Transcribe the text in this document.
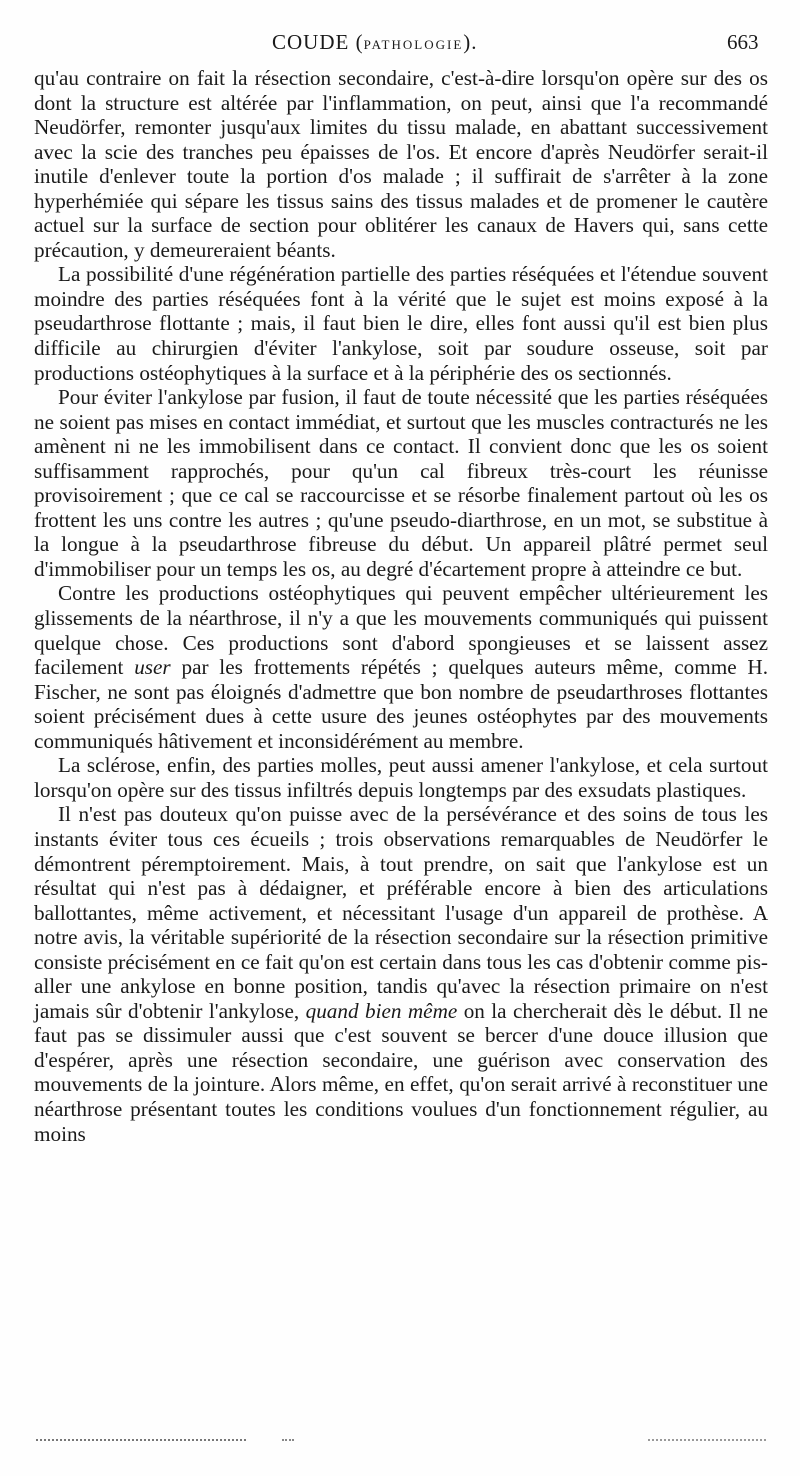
COUDE (PATHOLOGIE).	663

qu'au contraire on fait la résection secondaire, c'est-à-dire lorsqu'on opère sur des os dont la structure est altérée par l'inflammation, on peut, ainsi que l'a recommandé Neudörfer, remonter jusqu'aux limites du tissu malade, en abattant successivement avec la scie des tranches peu épaisses de l'os. Et encore d'après Neudörfer serait-il inutile d'enlever toute la portion d'os malade ; il suffirait de s'arrêter à la zone hyperhémiée qui sépare les tissus sains des tissus malades et de promener le cautère actuel sur la surface de section pour oblitérer les canaux de Havers qui, sans cette précaution, y demeureraient béants.

La possibilité d'une régénération partielle des parties réséquées et l'étendue souvent moindre des parties réséquées font à la vérité que le sujet est moins exposé à la pseudarthrose flottante ; mais, il faut bien le dire, elles font aussi qu'il est bien plus difficile au chirurgien d'éviter l'ankylose, soit par soudure osseuse, soit par productions ostéophytiques à la surface et à la périphérie des os sectionnés.

Pour éviter l'ankylose par fusion, il faut de toute nécessité que les parties réséquées ne soient pas mises en contact immédiat, et surtout que les muscles contracturés ne les amènent ni ne les immobilisent dans ce contact. Il convient donc que les os soient suffisamment rapprochés, pour qu'un cal fibreux très-court les réunisse provisoirement ; que ce cal se raccourcisse et se résorbe finalement partout où les os frottent les uns contre les autres ; qu'une pseudo-diarthrose, en un mot, se substitue à la longue à la pseudarthrose fibreuse du début. Un appareil plâtré permet seul d'immobiliser pour un temps les os, au degré d'écartement propre à atteindre ce but.

Contre les productions ostéophytiques qui peuvent empêcher ultérieurement les glissements de la néarthrose, il n'y a que les mouvements communiqués qui puissent quelque chose. Ces productions sont d'abord spongieuses et se laissent assez facilement user par les frottements répétés ; quelques auteurs même, comme H. Fischer, ne sont pas éloignés d'admettre que bon nombre de pseudarthroses flottantes soient précisément dues à cette usure des jeunes ostéophytes par des mouvements communiqués hâtivement et inconsidérément au membre.

La sclérose, enfin, des parties molles, peut aussi amener l'ankylose, et cela surtout lorsqu'on opère sur des tissus infiltrés depuis longtemps par des exsudats plastiques.

Il n'est pas douteux qu'on puisse avec de la persévérance et des soins de tous les instants éviter tous ces écueils ; trois observations remarquables de Neudörfer le démontrent péremptoirement. Mais, à tout prendre, on sait que l'ankylose est un résultat qui n'est pas à dédaigner, et préférable encore à bien des articulations ballottantes, même activement, et nécessitant l'usage d'un appareil de prothèse. A notre avis, la véritable supériorité de la résection secondaire sur la résection primitive consiste précisément en ce fait qu'on est certain dans tous les cas d'obtenir comme pis-aller une ankylose en bonne position, tandis qu'avec la résection primaire on n'est jamais sûr d'obtenir l'ankylose, quand bien même on la chercherait dès le début. Il ne faut pas se dissimuler aussi que c'est souvent se bercer d'une douce illusion que d'espérer, après une résection secondaire, une guérison avec conservation des mouvements de la jointure. Alors même, en effet, qu'on serait arrivé à reconstituer une néarthrose présentant toutes les conditions voulues d'un fonctionnement régulier, au moins
